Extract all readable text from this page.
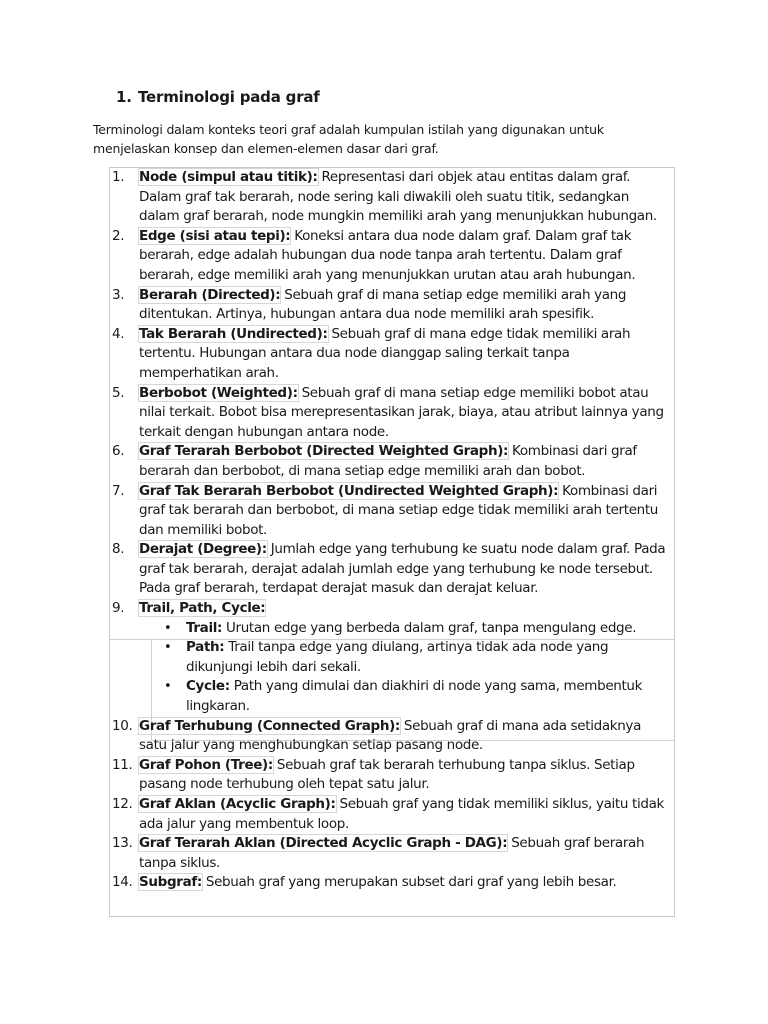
1. Terminologi pada graf
Terminologi dalam konteks teori graf adalah kumpulan istilah yang digunakan untuk menjelaskan konsep dan elemen-elemen dasar dari graf.
1.	Node (simpul atau titik): Representasi dari objek atau entitas dalam graf. Dalam graf tak berarah, node sering kali diwakili oleh suatu titik, sedangkan dalam graf berarah, node mungkin memiliki arah yang menunjukkan hubungan.
2.	Edge (sisi atau tepi): Koneksi antara dua node dalam graf. Dalam graf tak berarah, edge adalah hubungan dua node tanpa arah tertentu. Dalam graf berarah, edge memiliki arah yang menunjukkan urutan atau arah hubungan.
3.	Berarah (Directed): Sebuah graf di mana setiap edge memiliki arah yang ditentukan. Artinya, hubungan antara dua node memiliki arah spesifik.
4.	Tak Berarah (Undirected): Sebuah graf di mana edge tidak memiliki arah tertentu. Hubungan antara dua node dianggap saling terkait tanpa memperhatikan arah.
5.	Berbobot (Weighted): Sebuah graf di mana setiap edge memiliki bobot atau nilai terkait. Bobot bisa merepresentasikan jarak, biaya, atau atribut lainnya yang terkait dengan hubungan antara node.
6.	Graf Terarah Berbobot (Directed Weighted Graph): Kombinasi dari graf berarah dan berbobot, di mana setiap edge memiliki arah dan bobot.
7.	Graf Tak Berarah Berbobot (Undirected Weighted Graph): Kombinasi dari graf tak berarah dan berbobot, di mana setiap edge tidak memiliki arah tertentu dan memiliki bobot.
8.	Derajat (Degree): Jumlah edge yang terhubung ke suatu node dalam graf. Pada graf tak berarah, derajat adalah jumlah edge yang terhubung ke node tersebut. Pada graf berarah, terdapat derajat masuk dan derajat keluar.
9.	Trail, Path, Cycle:
• Trail: Urutan edge yang berbeda dalam graf, tanpa mengulang edge.
• Path: Trail tanpa edge yang diulang, artinya tidak ada node yang dikunjungi lebih dari sekali.
• Cycle: Path yang dimulai dan diakhiri di node yang sama, membentuk lingkaran.
10. Graf Terhubung (Connected Graph): Sebuah graf di mana ada setidaknya satu jalur yang menghubungkan setiap pasang node.
11. Graf Pohon (Tree): Sebuah graf tak berarah terhubung tanpa siklus. Setiap pasang node terhubung oleh tepat satu jalur.
12. Graf Aklan (Acyclic Graph): Sebuah graf yang tidak memiliki siklus, yaitu tidak ada jalur yang membentuk loop.
13. Graf Terarah Aklan (Directed Acyclic Graph - DAG): Sebuah graf berarah tanpa siklus.
14. Subgraf: Sebuah graf yang merupakan subset dari graf yang lebih besar.
